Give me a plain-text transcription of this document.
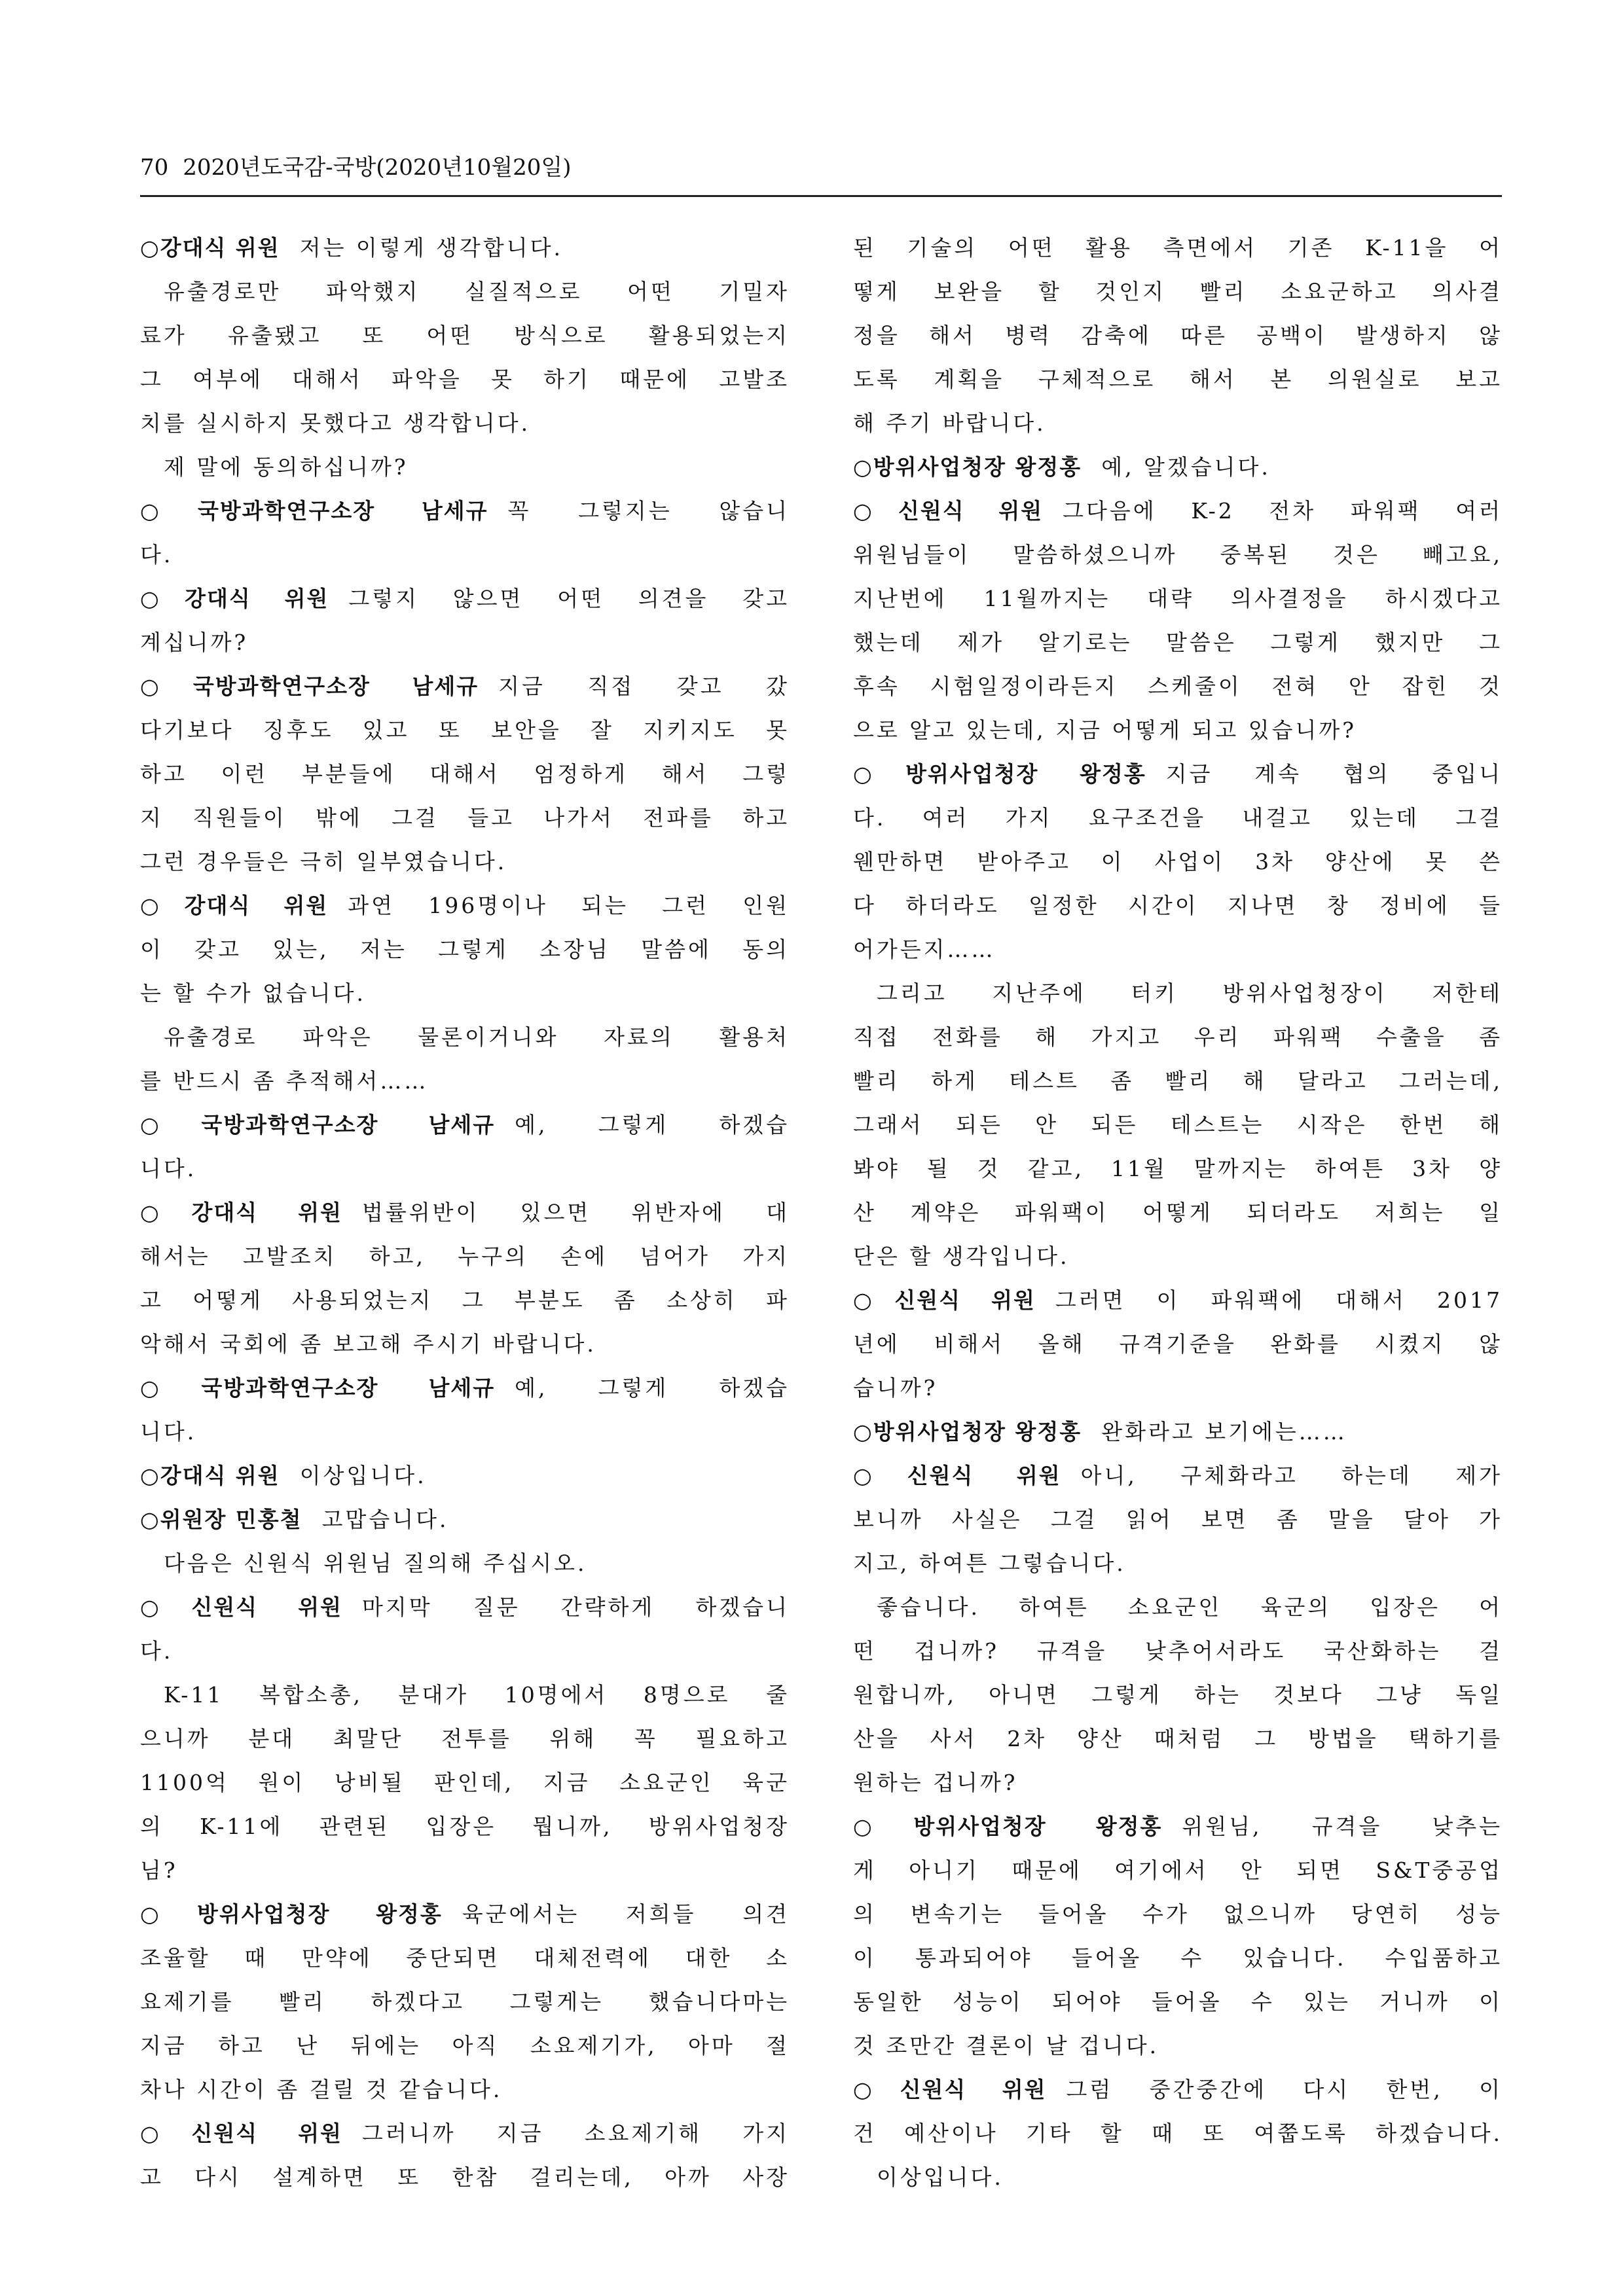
70 2020년도국감-국방(2020년10월20일)
○강대식 위원 저는 이렇게 생각합니다.
유출경로만 파악했지 실질적으로 어떤 기밀자
료가 유출됐고 또 어떤 방식으로 활용되었는지
그 여부에 대해서 파악을 못 하기 때문에 고발조
치를 실시하지 못했다고 생각합니다.
제 말에 동의하십니까?
○국방과학연구소장 남세규 꼭 그렇지는 않습니
다.
○강대식 위원 그렇지 않으면 어떤 의견을 갖고
계십니까?
○국방과학연구소장 남세규 지금 직접 갖고 갔
다기보다 징후도 있고 또 보안을 잘 지키지도 못
하고 이런 부분들에 대해서 엄정하게 해서 그렇
지 직원들이 밖에 그걸 들고 나가서 전파를 하고
그런 경우들은 극히 일부였습니다.
○강대식 위원 과연 196명이나 되는 그런 인원
이 갖고 있는, 저는 그렇게 소장님 말씀에 동의
는 할 수가 없습니다.
유출경로 파악은 물론이거니와 자료의 활용처
를 반드시 좀 추적해서……
○국방과학연구소장 남세규 예, 그렇게 하겠습
니다.
○강대식 위원 법률위반이 있으면 위반자에 대
해서는 고발조치 하고, 누구의 손에 넘어가 가지
고 어떻게 사용되었는지 그 부분도 좀 소상히 파
악해서 국회에 좀 보고해 주시기 바랍니다.
○국방과학연구소장 남세규 예, 그렇게 하겠습
니다.
○강대식 위원 이상입니다.
○위원장 민홍철 고맙습니다.
다음은 신원식 위원님 질의해 주십시오.
○신원식 위원 마지막 질문 간략하게 하겠습니
다.
K-11 복합소총, 분대가 10명에서 8명으로 줄
으니까 분대 최말단 전투를 위해 꼭 필요하고
1100억 원이 낭비될 판인데, 지금 소요군인 육군
의 K-11에 관련된 입장은 뭡니까, 방위사업청장
님?
○방위사업청장 왕정홍 육군에서는 저희들 의견
조율할 때 만약에 중단되면 대체전력에 대한 소
요제기를 빨리 하겠다고 그렇게는 했습니다마는
지금 하고 난 뒤에는 아직 소요제기가, 아마 절
차나 시간이 좀 걸릴 것 같습니다.
○신원식 위원 그러니까 지금 소요제기해 가지
고 다시 설계하면 또 한참 걸리는데, 아까 사장
된 기술의 어떤 활용 측면에서 기존 K-11을 어
떻게 보완을 할 것인지 빨리 소요군하고 의사결
정을 해서 병력 감축에 따른 공백이 발생하지 않
도록 계획을 구체적으로 해서 본 의원실로 보고
해 주기 바랍니다.
○방위사업청장 왕정홍 예, 알겠습니다.
○신원식 위원 그다음에 K-2 전차 파워팩 여러
위원님들이 말씀하셨으니까 중복된 것은 빼고요,
지난번에 11월까지는 대략 의사결정을 하시겠다고
했는데 제가 알기로는 말씀은 그렇게 했지만 그
후속 시험일정이라든지 스케줄이 전혀 안 잡힌 것
으로 알고 있는데, 지금 어떻게 되고 있습니까?
○방위사업청장 왕정홍 지금 계속 협의 중입니
다. 여러 가지 요구조건을 내걸고 있는데 그걸
웬만하면 받아주고 이 사업이 3차 양산에 못 쓴
다 하더라도 일정한 시간이 지나면 창 정비에 들
어가든지……
그리고 지난주에 터키 방위사업청장이 저한테
직접 전화를 해 가지고 우리 파워팩 수출을 좀
빨리 하게 테스트 좀 빨리 해 달라고 그러는데,
그래서 되든 안 되든 테스트는 시작은 한번 해
봐야 될 것 같고, 11월 말까지는 하여튼 3차 양
산 계약은 파워팩이 어떻게 되더라도 저희는 일
단은 할 생각입니다.
○신원식 위원 그러면 이 파워팩에 대해서 2017
년에 비해서 올해 규격기준을 완화를 시켰지 않
습니까?
○방위사업청장 왕정홍 완화라고 보기에는……
○신원식 위원 아니, 구체화라고 하는데 제가
보니까 사실은 그걸 읽어 보면 좀 말을 달아 가
지고, 하여튼 그렇습니다.
좋습니다. 하여튼 소요군인 육군의 입장은 어
떤 겁니까? 규격을 낮추어서라도 국산화하는 걸
원합니까, 아니면 그렇게 하는 것보다 그냥 독일
산을 사서 2차 양산 때처럼 그 방법을 택하기를
원하는 겁니까?
○방위사업청장 왕정홍 위원님, 규격을 낮추는
게 아니기 때문에 여기에서 안 되면 S&T중공업
의 변속기는 들어올 수가 없으니까 당연히 성능
이 통과되어야 들어올 수 있습니다. 수입품하고
동일한 성능이 되어야 들어올 수 있는 거니까 이
것 조만간 결론이 날 겁니다.
○신원식 위원 그럼 중간중간에 다시 한번, 이
건 예산이나 기타 할 때 또 여쭙도록 하겠습니다.
이상입니다.
